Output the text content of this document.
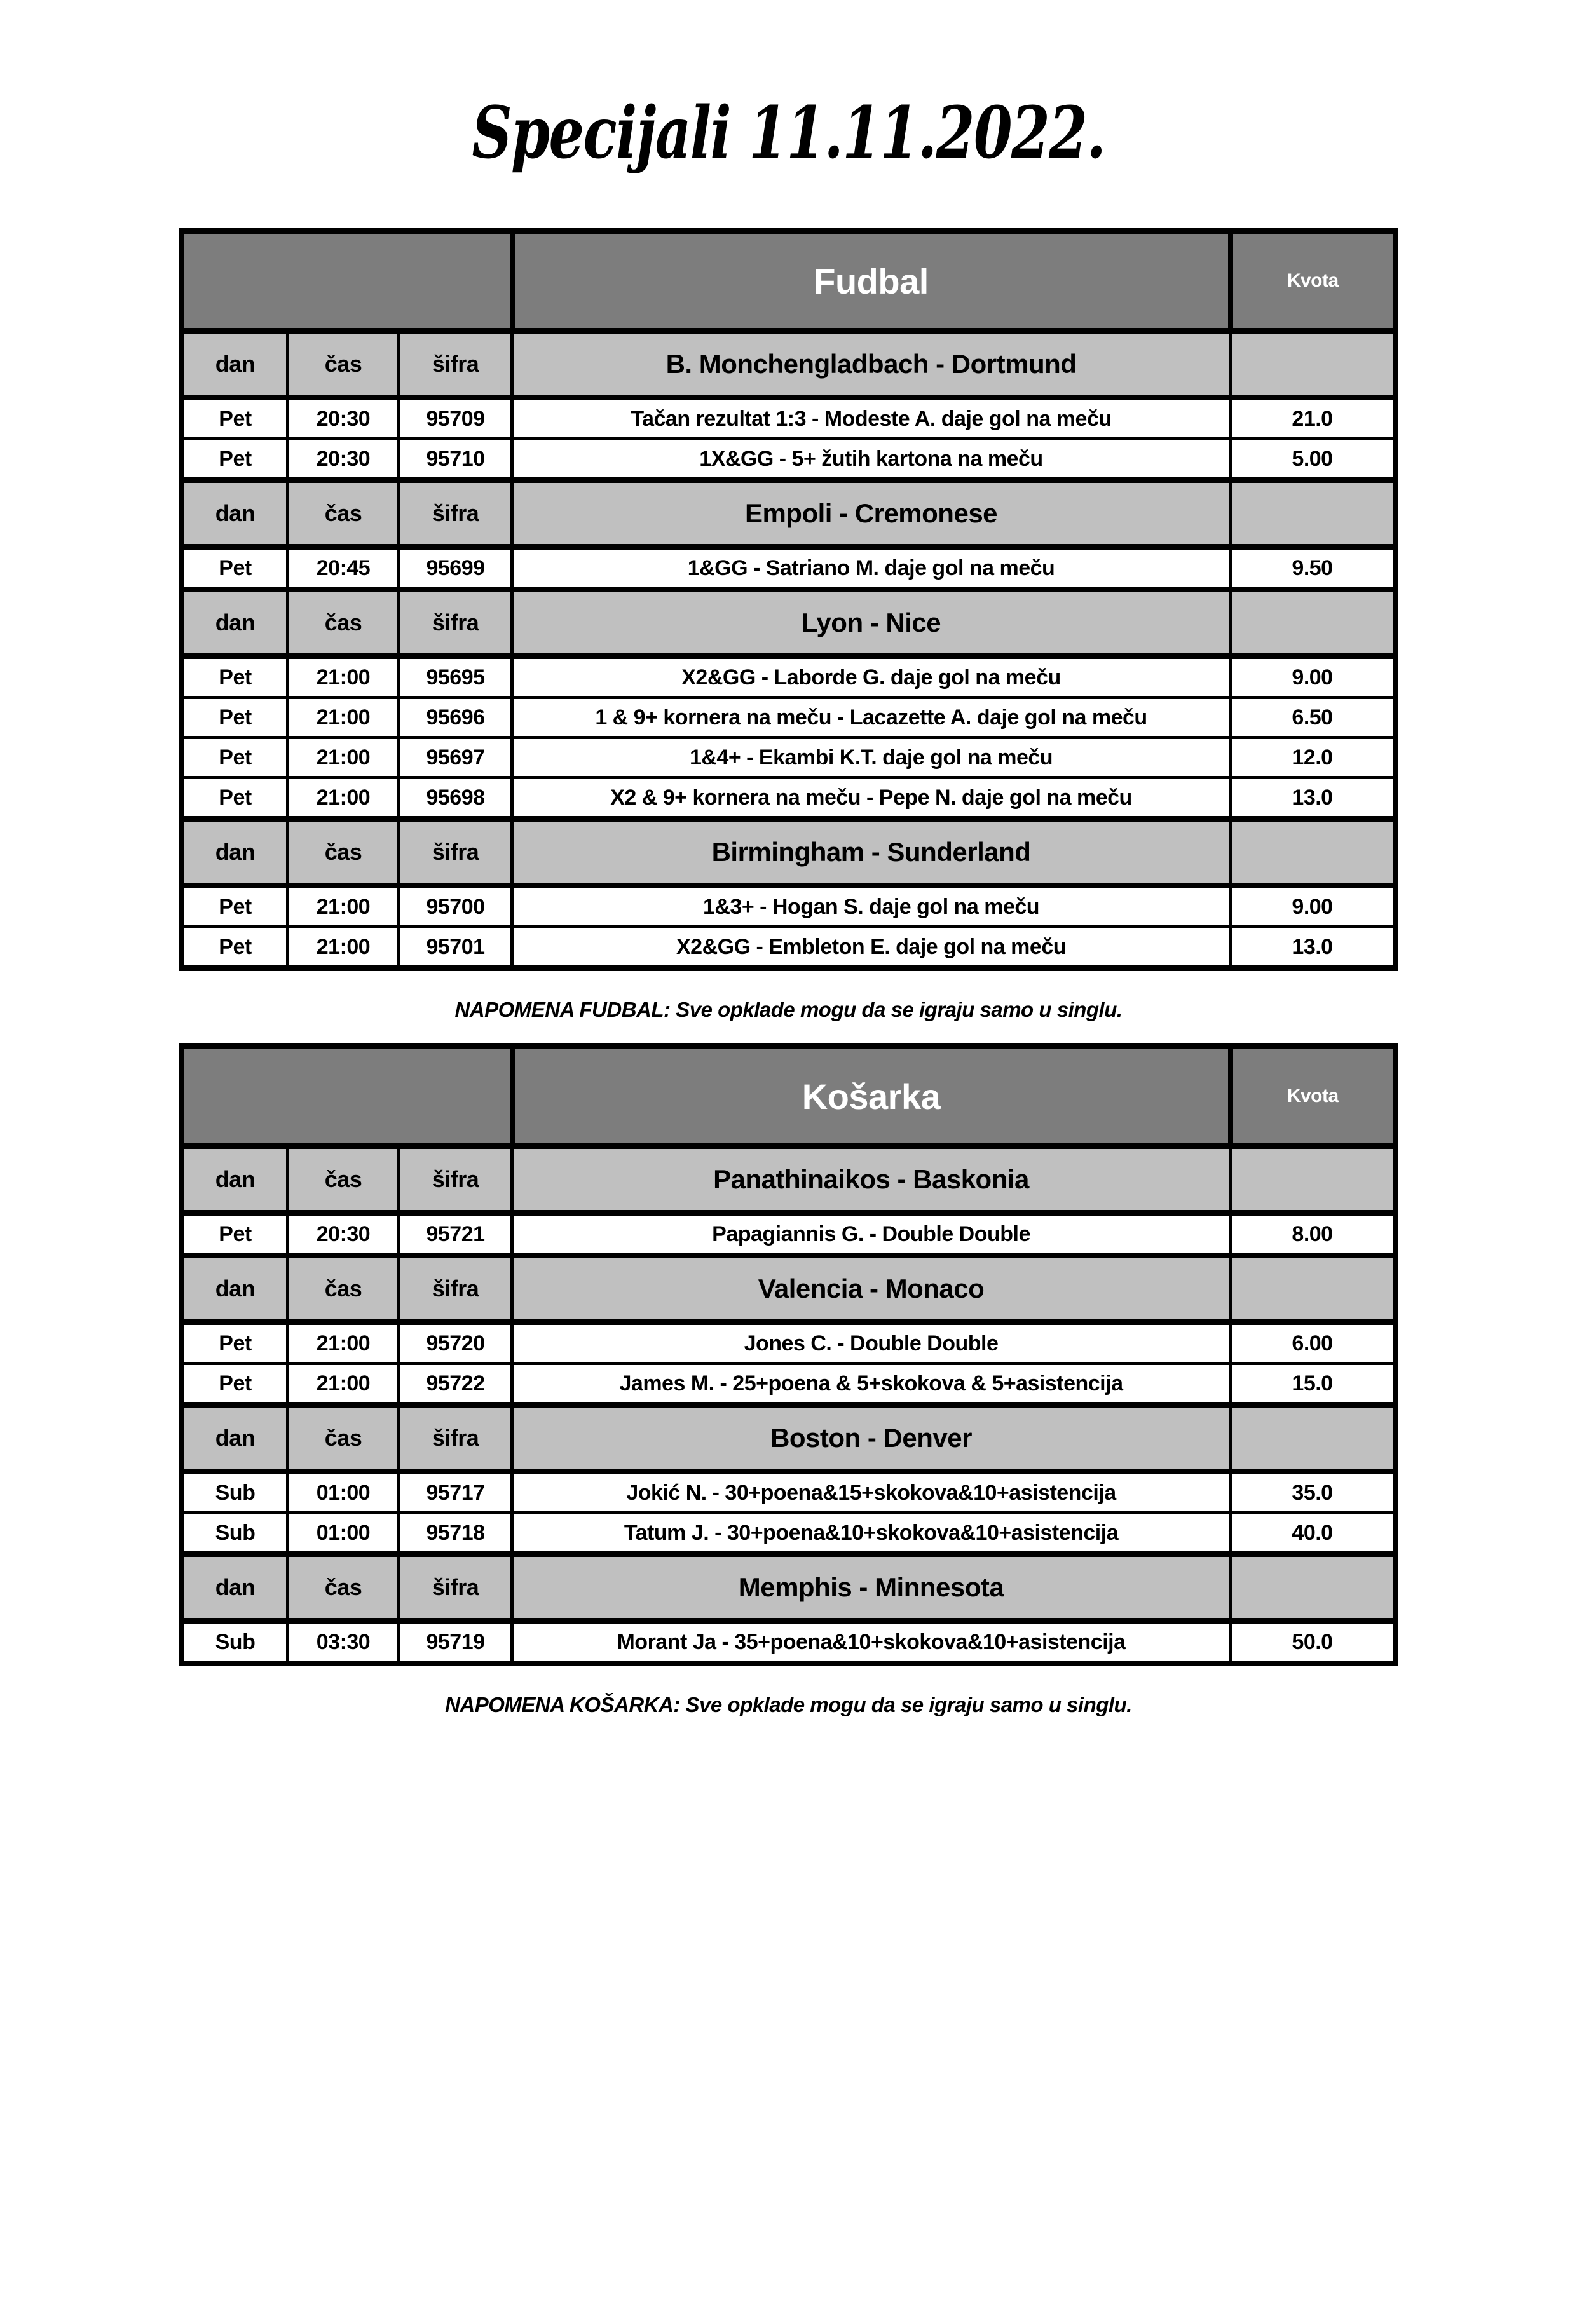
Specijali 11.11.2022.
			Fudbal	Kvota
dan	čas	šifra	B. Monchengladbach - Dortmund	
Pet	20:30	95709	Tačan rezultat 1:3 - Modeste A. daje gol na meču	21.0
Pet	20:30	95710	1X&GG - 5+ žutih kartona na meču	5.00
dan	čas	šifra	Empoli - Cremonese	
Pet	20:45	95699	1&GG - Satriano M. daje gol na meču	9.50
dan	čas	šifra	Lyon - Nice	
Pet	21:00	95695	X2&GG - Laborde G. daje gol na meču	9.00
Pet	21:00	95696	1 & 9+ kornera na meču - Lacazette A. daje gol na meču	6.50
Pet	21:00	95697	1&4+ - Ekambi K.T. daje gol na meču	12.0
Pet	21:00	95698	X2 & 9+ kornera na meču - Pepe N. daje gol na meču	13.0
dan	čas	šifra	Birmingham - Sunderland	
Pet	21:00	95700	1&3+ - Hogan S. daje gol na meču	9.00
Pet	21:00	95701	X2&GG - Embleton E. daje gol na meču	13.0

NAPOMENA FUDBAL: Sve opklade mogu da se igraju samo u singlu.

			Košarka	Kvota
dan	čas	šifra	Panathinaikos - Baskonia	
Pet	20:30	95721	Papagiannis G. - Double Double	8.00
dan	čas	šifra	Valencia - Monaco	
Pet	21:00	95720	Jones C. - Double Double	6.00
Pet	21:00	95722	James M. - 25+poena & 5+skokova & 5+asistencija	15.0
dan	čas	šifra	Boston - Denver	
Sub	01:00	95717	Jokić N. - 30+poena&15+skokova&10+asistencija	35.0
Sub	01:00	95718	Tatum J. - 30+poena&10+skokova&10+asistencija	40.0
dan	čas	šifra	Memphis - Minnesota	
Sub	03:30	95719	Morant Ja - 35+poena&10+skokova&10+asistencija	50.0

NAPOMENA KOŠARKA: Sve opklade mogu da se igraju samo u singlu.
